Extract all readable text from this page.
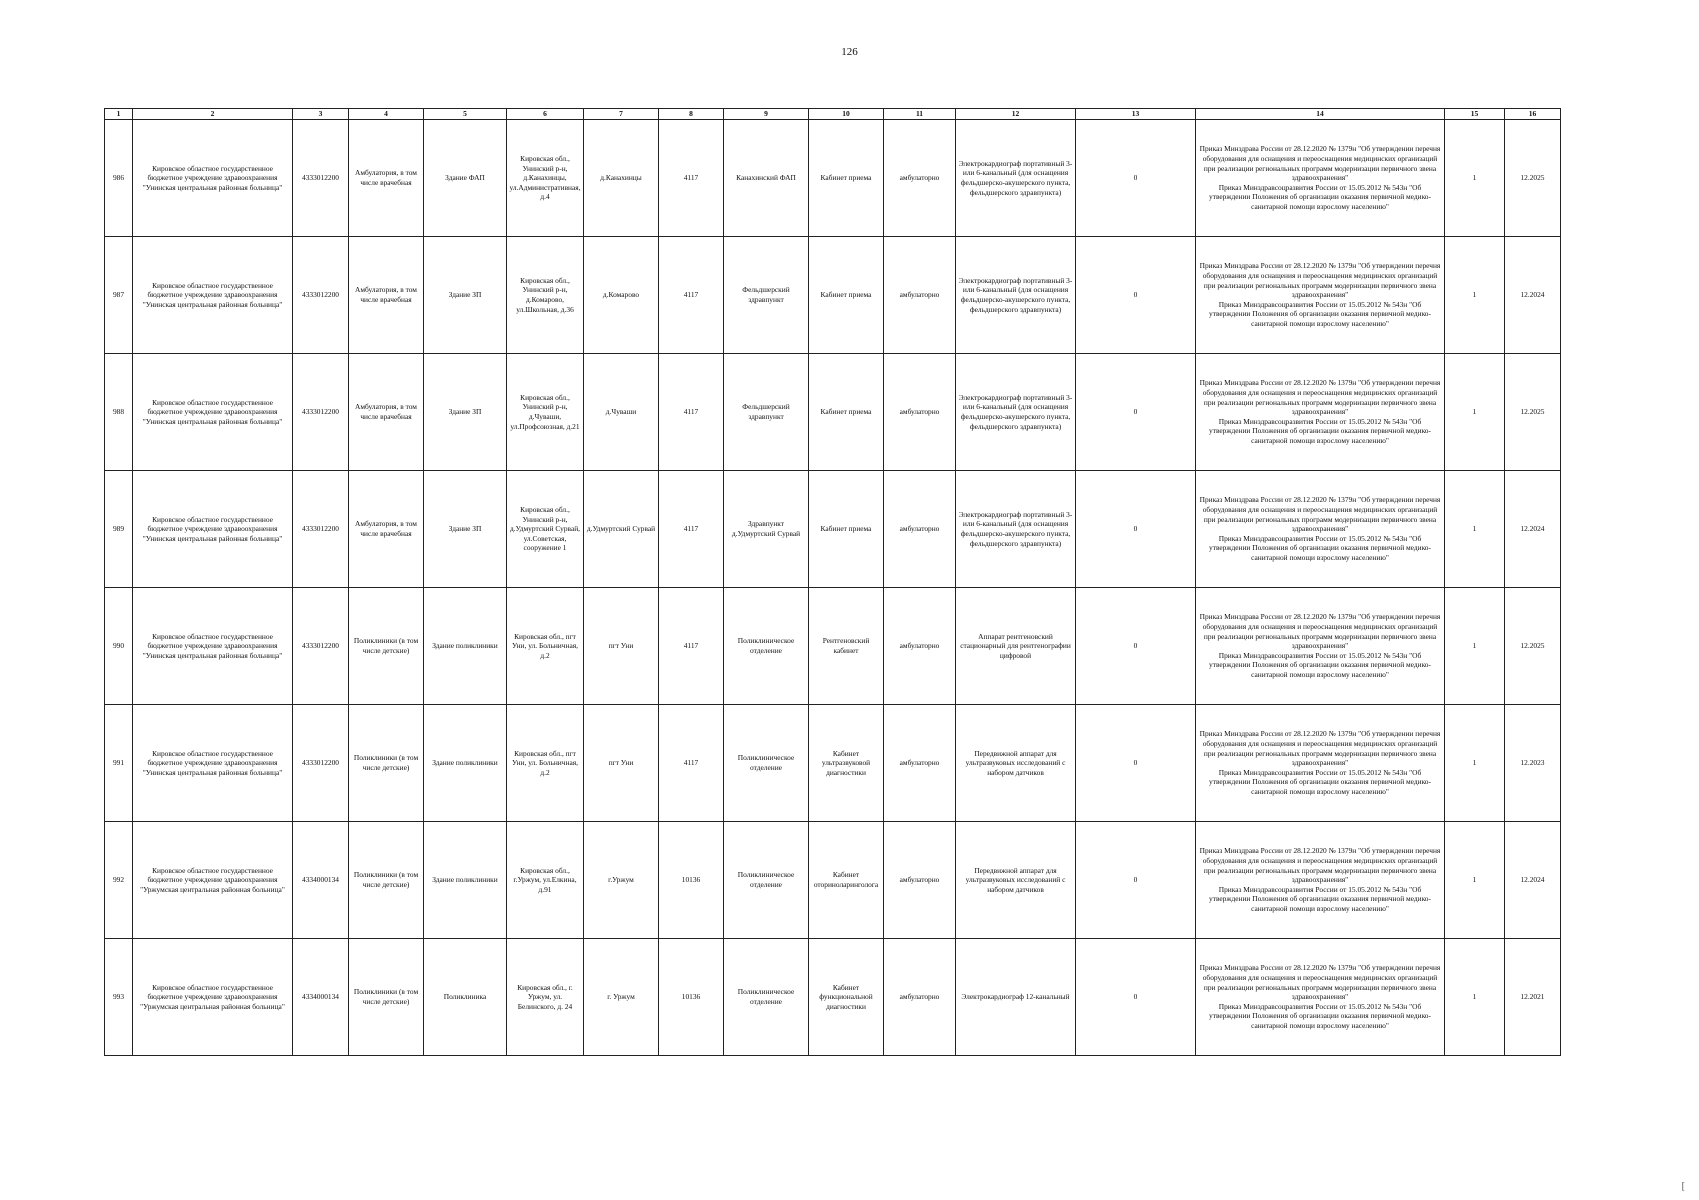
126
1	2	3	4	5	6	7	8	9	10	11	12	13	14	15	16
986	Кировское областное государственное бюджетное учреждение здравоохранения "Унинская центральная районная больница"	4333012200	Амбулатория, в том числе врачебная	Здание ФАП	Кировская обл., Унинский р-н, д.Канахинцы, ул.Административная, д.4	д.Канахинцы	4117	Канахинский ФАП	Кабинет приема	амбулаторно	Электрокардиограф портативный 3- или 6-канальный (для оснащения фельдшерско-акушерского пункта, фельдшерского здравпункта)	0	Приказ Минздрава России от 28.12.2020 № 1379н "Об утверждении перечня оборудования для оснащения и переоснащения медицинских организаций при реализации региональных программ модернизации первичного звена здравоохранения"
Приказ Минздравсоцразвития России от 15.05.2012 № 543н "Об утверждении Положения об организации оказания первичной медико-санитарной помощи взрослому населению"	1	12.2025
987	Кировское областное государственное бюджетное учреждение здравоохранения "Унинская центральная районная больница"	4333012200	Амбулатория, в том числе врачебная	Здание ЗП	Кировская обл., Унинский р-н, д.Комарово, ул.Школьная, д.36	д.Комарово	4117	Фельдшерский здравпункт	Кабинет приема	амбулаторно	Электрокардиограф портативный 3- или 6-канальный (для оснащения фельдшерско-акушерского пункта, фельдшерского здравпункта)	0	Приказ Минздрава России от 28.12.2020 № 1379н "Об утверждении перечня оборудования для оснащения и переоснащения медицинских организаций при реализации региональных программ модернизации первичного звена здравоохранения"
Приказ Минздравсоцразвития России от 15.05.2012 № 543н "Об утверждении Положения об организации оказания первичной медико-санитарной помощи взрослому населению"	1	12.2024
988	Кировское областное государственное бюджетное учреждение здравоохранения "Унинская центральная районная больница"	4333012200	Амбулатория, в том числе врачебная	Здание ЗП	Кировская обл., Унинский р-н, д.Чуваши, ул.Профсоюзная, д.21	д.Чуваши	4117	Фельдшерский здравпункт	Кабинет приема	амбулаторно	Электрокардиограф портативный 3- или 6-канальный (для оснащения фельдшерско-акушерского пункта, фельдшерского здравпункта)	0	Приказ Минздрава России от 28.12.2020 № 1379н "Об утверждении перечня оборудования для оснащения и переоснащения медицинских организаций при реализации региональных программ модернизации первичного звена здравоохранения"
Приказ Минздравсоцразвития России от 15.05.2012 № 543н "Об утверждении Положения об организации оказания первичной медико-санитарной помощи взрослому населению"	1	12.2025
989	Кировское областное государственное бюджетное учреждение здравоохранения "Унинская центральная районная больница"	4333012200	Амбулатория, в том числе врачебная	Здание ЗП	Кировская обл., Унинский р-н, д.Удмуртский Сурвай, ул.Советская, сооружение 1	д.Удмуртский Сурвай	4117	Здравпункт д.Удмуртский Сурвай	Кабинет приема	амбулаторно	Электрокардиограф портативный 3- или 6-канальный (для оснащения фельдшерско-акушерского пункта, фельдшерского здравпункта)	0	Приказ Минздрава России от 28.12.2020 № 1379н "Об утверждении перечня оборудования для оснащения и переоснащения медицинских организаций при реализации региональных программ модернизации первичного звена здравоохранения"
Приказ Минздравсоцразвития России от 15.05.2012 № 543н "Об утверждении Положения об организации оказания первичной медико-санитарной помощи взрослому населению"	1	12.2024
990	Кировское областное государственное бюджетное учреждение здравоохранения "Унинская центральная районная больница"	4333012200	Поликлиники (в том числе детские)	Здание поликлиники	Кировская обл., пгт Уни, ул. Больничная, д.2	пгт Уни	4117	Поликлиническое отделение	Рентгеновский кабинет	амбулаторно	Аппарат рентгеновский стационарный для рентгенографии цифровой	0	Приказ Минздрава России от 28.12.2020 № 1379н "Об утверждении перечня оборудования для оснащения и переоснащения медицинских организаций при реализации региональных программ модернизации первичного звена здравоохранения"
Приказ Минздравсоцразвития России от 15.05.2012 № 543н "Об утверждении Положения об организации оказания первичной медико-санитарной помощи взрослому населению"	1	12.2025
991	Кировское областное государственное бюджетное учреждение здравоохранения "Унинская центральная районная больница"	4333012200	Поликлиники (в том числе детские)	Здание поликлиники	Кировская обл., пгт Уни, ул. Больничная, д.2	пгт Уни	4117	Поликлиническое отделение	Кабинет ультразвуковой диагностики	амбулаторно	Передвижной аппарат для ультразвуковых исследований с набором датчиков	0	Приказ Минздрава России от 28.12.2020 № 1379н "Об утверждении перечня оборудования для оснащения и переоснащения медицинских организаций при реализации региональных программ модернизации первичного звена здравоохранения"
Приказ Минздравсоцразвития России от 15.05.2012 № 543н "Об утверждении Положения об организации оказания первичной медико-санитарной помощи взрослому населению"	1	12.2023
992	Кировское областное государственное бюджетное учреждение здравоохранения "Уржумская центральная районная больница"	4334000134	Поликлиники (в том числе детские)	Здание поликлиники	Кировская обл., г.Уржум, ул.Елкина, д.91	г.Уржум	10136	Поликлиническое отделение	Кабинет оториноларинголога	амбулаторно	Передвижной аппарат для ультразвуковых исследований с набором датчиков	0	Приказ Минздрава России от 28.12.2020 № 1379н "Об утверждении перечня оборудования для оснащения и переоснащения медицинских организаций при реализации региональных программ модернизации первичного звена здравоохранения"
Приказ Минздравсоцразвития России от 15.05.2012 № 543н "Об утверждении Положения об организации оказания первичной медико-санитарной помощи взрослому населению"	1	12.2024
993	Кировское областное государственное бюджетное учреждение здравоохранения "Уржумская центральная районная больница"	4334000134	Поликлиники (в том числе детские)	Поликлиника	Кировская обл., г. Уржум, ул. Белинского, д. 24	г. Уржум	10136	Поликлиническое отделение	Кабинет функциональной диагностики	амбулаторно	Электрокардиограф 12-канальный	0	Приказ Минздрава России от 28.12.2020 № 1379н "Об утверждении перечня оборудования для оснащения и переоснащения медицинских организаций при реализации региональных программ модернизации первичного звена здравоохранения"
Приказ Минздравсоцразвития России от 15.05.2012 № 543н "Об утверждении Положения об организации оказания первичной медико-санитарной помощи взрослому населению"	1	12.2021
[
